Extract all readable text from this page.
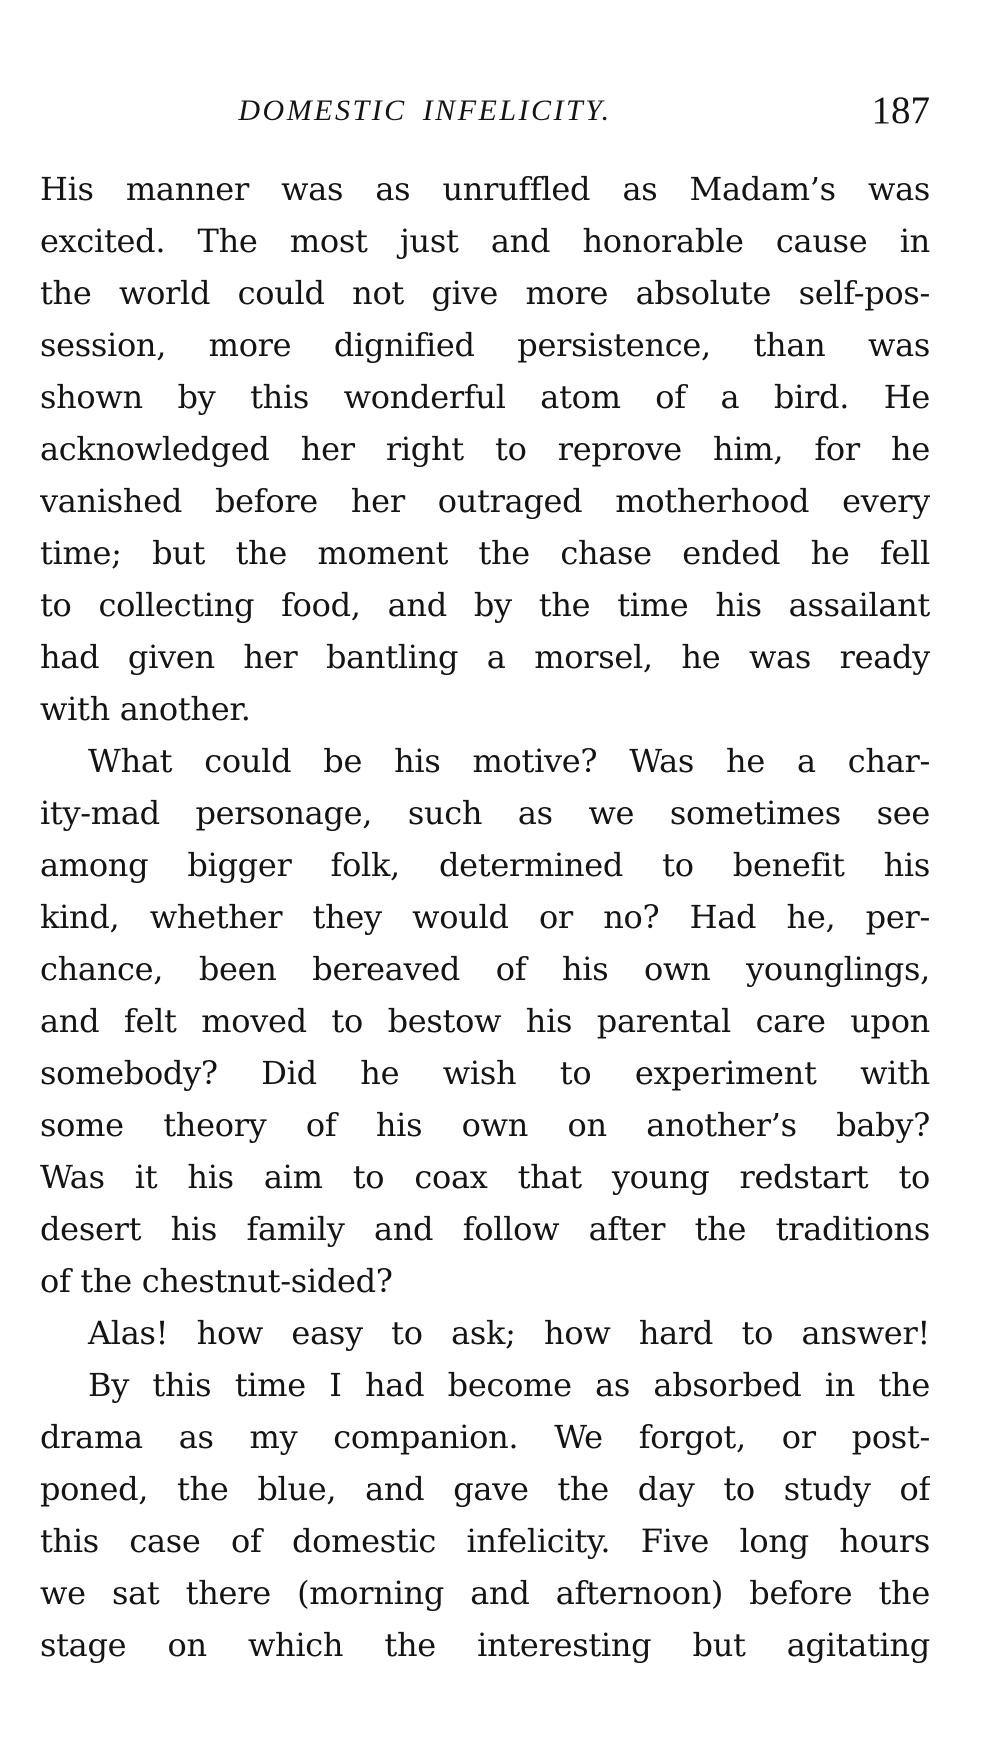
DOMESTIC INFELICITY.	187
His manner was as unruffled as Madam’s was
excited. The most just and honorable cause in
the world could not give more absolute self-pos-
session, more dignified persistence, than was
shown by this wonderful atom of a bird. He
acknowledged her right to reprove him, for he
vanished before her outraged motherhood every
time; but the moment the chase ended he fell
to collecting food, and by the time his assailant
had given her bantling a morsel, he was ready
with another.
What could be his motive? Was he a char-
ity-mad personage, such as we sometimes see
among bigger folk, determined to benefit his
kind, whether they would or no? Had he, per-
chance, been bereaved of his own younglings,
and felt moved to bestow his parental care upon
somebody? Did he wish to experiment with
some theory of his own on another’s baby?
Was it his aim to coax that young redstart to
desert his family and follow after the traditions
of the chestnut-sided?
Alas! how easy to ask; how hard to answer!
By this time I had become as absorbed in the
drama as my companion. We forgot, or post-
poned, the blue, and gave the day to study of
this case of domestic infelicity. Five long hours
we sat there (morning and afternoon) before the
stage on which the interesting but agitating
